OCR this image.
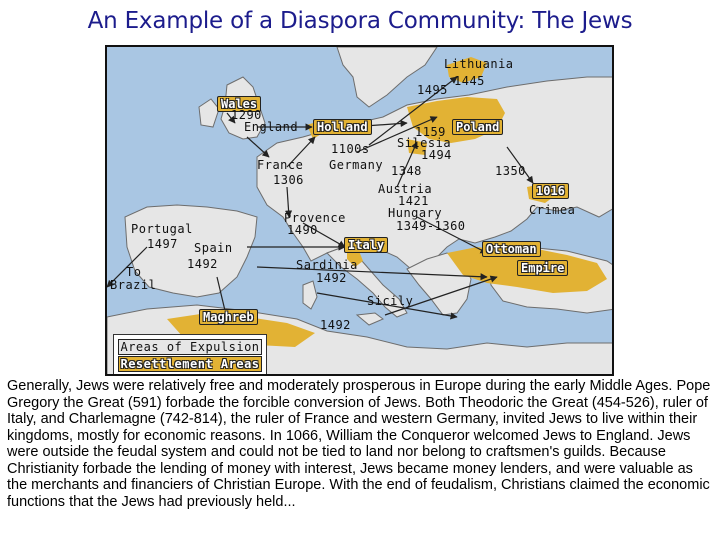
An Example of a Diaspora Community: The Jews
Lithuania
1445
1495
Wales
1290
England	Holland	1159 Poland
Silesia
1100s	1494
France Germany 1348	1350
1306
Austria
1421
1016
Hungary	Crimea
Provence
1349-1360
Portugal	1490
Ottoman
1497 Spain	Italy
Empire
To
1492	Sardinia
Brazil	1492
Sicily
Maghreb
1492
Areas of Expulsion
Resettlement Areas

Generally, Jews were relatively free and moderately prosperous in Europe during the early Middle Ages. Pope Gregory the Great (591) forbade the forcible conversion of Jews. Both Theodoric the Great (454-526), ruler of Italy, and Charlemagne (742-814), the ruler of France and western Germany, invited Jews to live within their kingdoms, mostly for economic reasons. In 1066, William the Conqueror welcomed Jews to England. Jews were outside the feudal system and could not be tied to land nor belong to craftsmen's guilds. Because Christianity forbade the lending of money with interest, Jews became money lenders, and were valuable as the merchants and financiers of Christian Europe. With the end of feudalism, Christians claimed the economic functions that the Jews had previously held...
